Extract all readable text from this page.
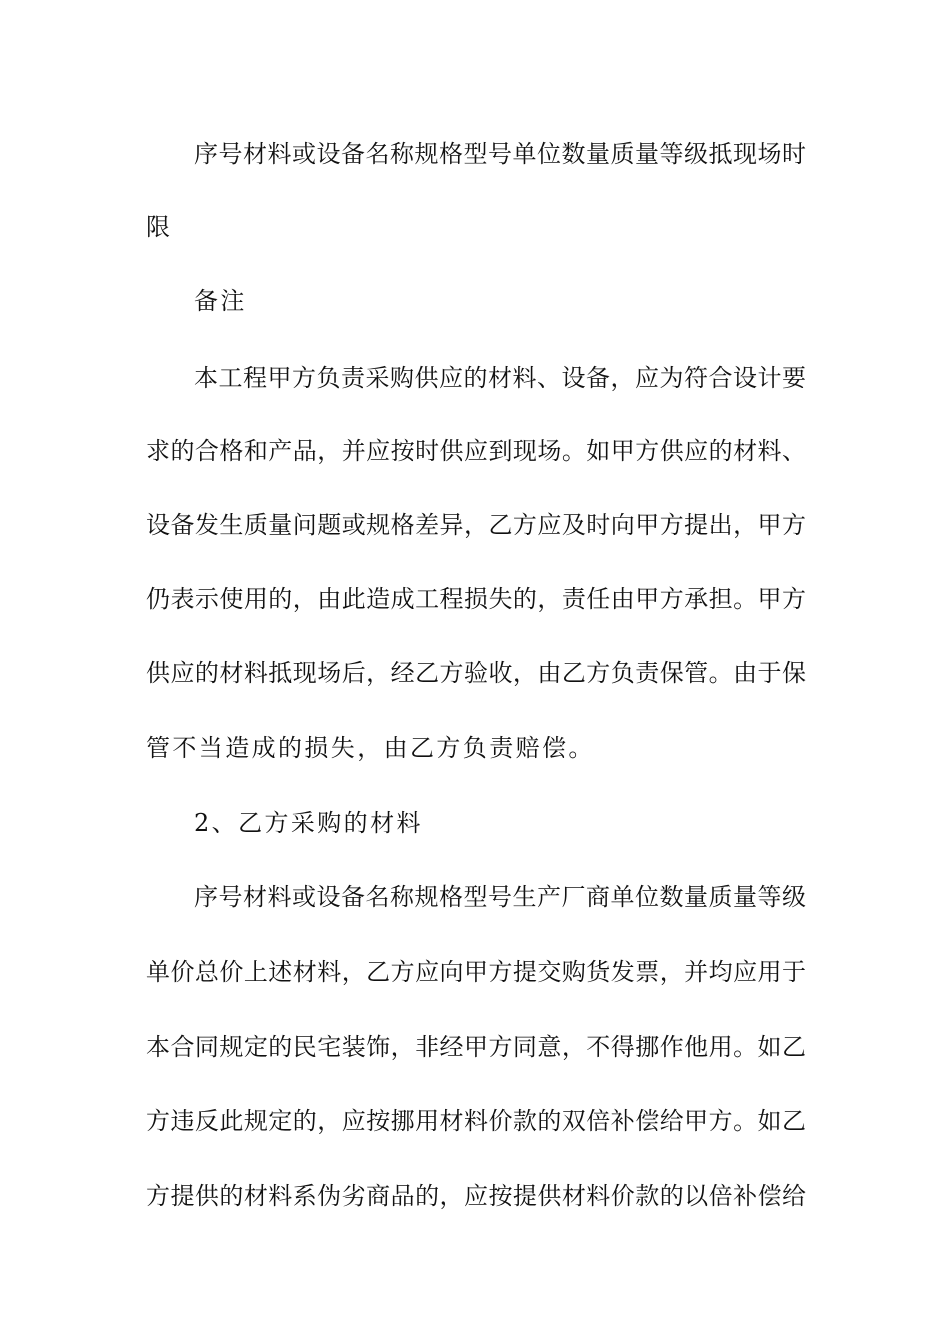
序号材料或设备名称规格型号单位数量质量等级抵现场时
限
备注
本工程甲方负责采购供应的材料、设备，应为符合设计要
求的合格和产品，并应按时供应到现场。如甲方供应的材料、
设备发生质量问题或规格差异，乙方应及时向甲方提出，甲方
仍表示使用的，由此造成工程损失的，责任由甲方承担。甲方
供应的材料抵现场后，经乙方验收，由乙方负责保管。由于保
管不当造成的损失，由乙方负责赔偿。
2、乙方采购的材料
序号材料或设备名称规格型号生产厂商单位数量质量等级
单价总价上述材料，乙方应向甲方提交购货发票，并均应用于
本合同规定的民宅装饰，非经甲方同意，不得挪作他用。如乙
方违反此规定的，应按挪用材料价款的双倍补偿给甲方。如乙
方提供的材料系伪劣商品的，应按提供材料价款的以倍补偿给
